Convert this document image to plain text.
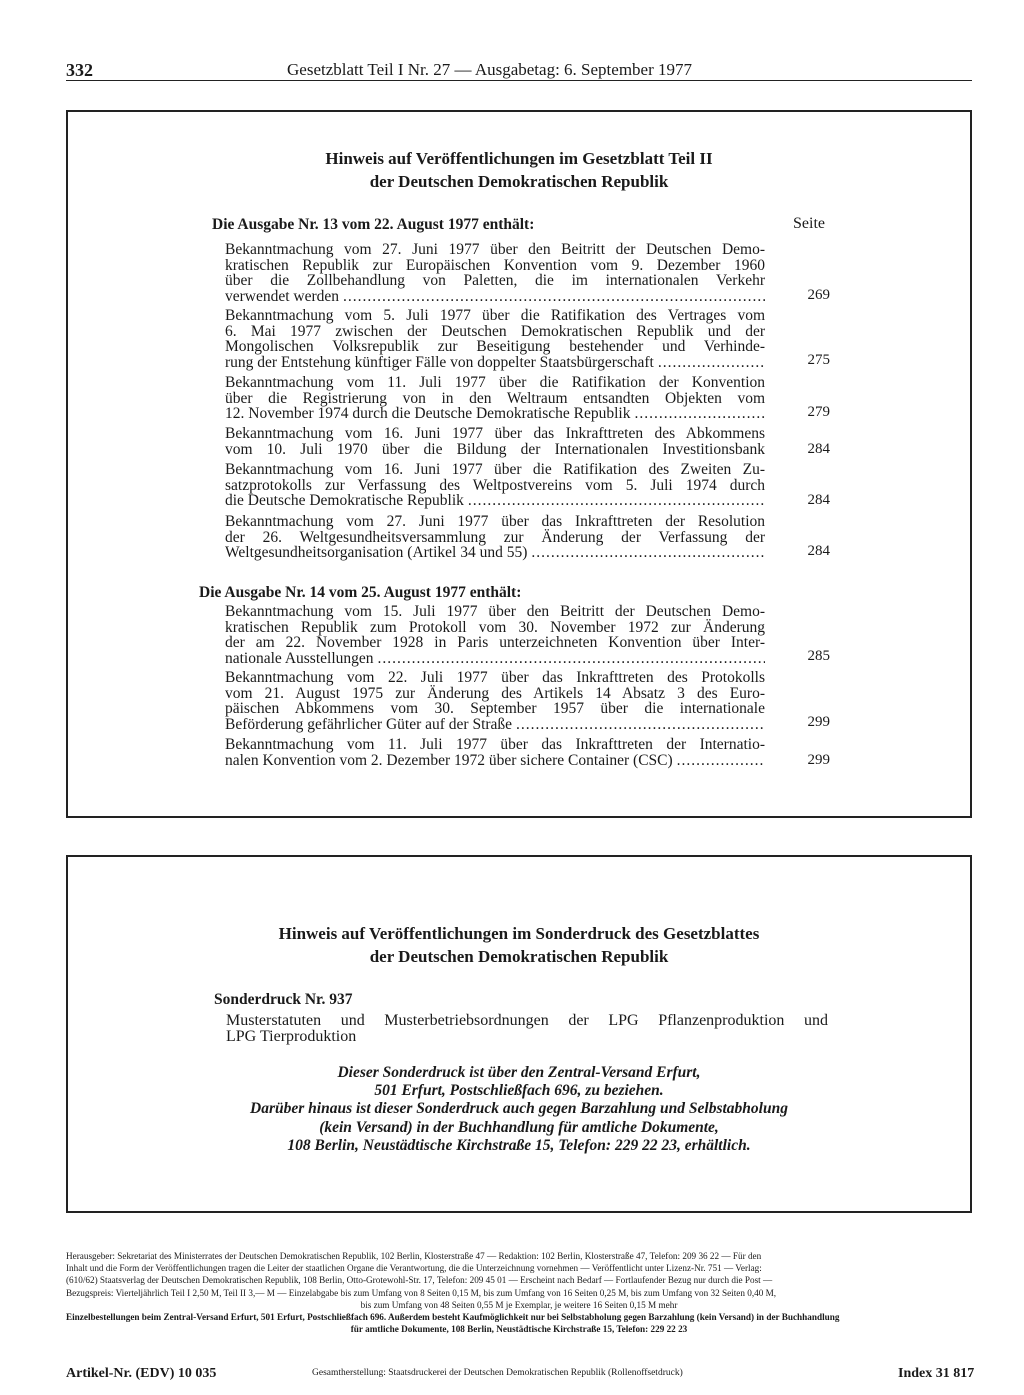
332	Gesetzblatt Teil I Nr. 27 — Ausgabetag: 6. September 1977
Hinweis auf Veröffentlichungen im Gesetzblatt Teil II
der Deutschen Demokratischen Republik
Die Ausgabe Nr. 13 vom 22. August 1977 enthält:	Seite
Bekanntmachung vom 27. Juni 1977 über den Beitritt der Deutschen Demo-
kratischen Republik zur Europäischen Konvention vom 9. Dezember 1960
über die Zollbehandlung von Paletten, die im internationalen Verkehr
verwendet werden .....	269
Bekanntmachung vom 5. Juli 1977 über die Ratifikation des Vertrages vom
6. Mai 1977 zwischen der Deutschen Demokratischen Republik und der
Mongolischen Volksrepublik zur Beseitigung bestehender und Verhinde-
rung der Entstehung künftiger Fälle von doppelter Staatsbürgerschaft .....	275
Bekanntmachung vom 11. Juli 1977 über die Ratifikation der Konvention
über die Registrierung von in den Weltraum entsandten Objekten vom
12. November 1974 durch die Deutsche Demokratische Republik .....	279
Bekanntmachung vom 16. Juni 1977 über das Inkrafttreten des Abkommens
vom 10. Juli 1970 über die Bildung der Internationalen Investitionsbank	284
Bekanntmachung vom 16. Juni 1977 über die Ratifikation des Zweiten Zu-
satzprotokolls zur Verfassung des Weltpostvereins vom 5. Juli 1974 durch
die Deutsche Demokratische Republik .....	284
Bekanntmachung vom 27. Juni 1977 über das Inkrafttreten der Resolution
der 26. Weltgesundheitsversammlung zur Änderung der Verfassung der
Weltgesundheitsorganisation (Artikel 34 und 55) .....	284
Die Ausgabe Nr. 14 vom 25. August 1977 enthält:
Bekanntmachung vom 15. Juli 1977 über den Beitritt der Deutschen Demo-
kratischen Republik zum Protokoll vom 30. November 1972 zur Änderung
der am 22. November 1928 in Paris unterzeichneten Konvention über Inter-
nationale Ausstellungen .....	285
Bekanntmachung vom 22. Juli 1977 über das Inkrafttreten des Protokolls
vom 21. August 1975 zur Änderung des Artikels 14 Absatz 3 des Euro-
päischen Abkommens vom 30. September 1957 über die internationale
Beförderung gefährlicher Güter auf der Straße .....	299
Bekanntmachung vom 11. Juli 1977 über das Inkrafttreten der Internatio-
nalen Konvention vom 2. Dezember 1972 über sichere Container (CSC) .....	299
Hinweis auf Veröffentlichungen im Sonderdruck des Gesetzblattes
der Deutschen Demokratischen Republik
Sonderdruck Nr. 937
Musterstatuten und Musterbetriebsordnungen der LPG Pflanzenproduktion und
LPG Tierproduktion
Dieser Sonderdruck ist über den Zentral-Versand Erfurt,
501 Erfurt, Postschließfach 696, zu beziehen.
Darüber hinaus ist dieser Sonderdruck auch gegen Barzahlung und Selbstabholung
(kein Versand) in der Buchhandlung für amtliche Dokumente,
108 Berlin, Neustädtische Kirchstraße 15, Telefon: 229 22 23, erhältlich.
Herausgeber: Sekretariat des Ministerrates der Deutschen Demokratischen Republik, 102 Berlin, Klosterstraße 47 — Redaktion: 102 Berlin, Klosterstraße 47, Telefon: 209 36 22 — Für den
Inhalt und die Form der Veröffentlichungen tragen die Leiter der staatlichen Organe die Verantwortung, die die Unterzeichnung vornehmen — Veröffentlicht unter Lizenz-Nr. 751 — Verlag:
(610/62) Staatsverlag der Deutschen Demokratischen Republik, 108 Berlin, Otto-Grotewohl-Str. 17, Telefon: 209 45 01 — Erscheint nach Bedarf — Fortlaufender Bezug nur durch die Post —
Bezugspreis: Vierteljährlich Teil I 2,50 M, Teil II 3,— M — Einzelabgabe bis zum Umfang von 8 Seiten 0,15 M, bis zum Umfang von 16 Seiten 0,25 M, bis zum Umfang von 32 Seiten 0,40 M,
bis zum Umfang von 48 Seiten 0,55 M je Exemplar, je weitere 16 Seiten 0,15 M mehr
Einzelbestellungen beim Zentral-Versand Erfurt, 501 Erfurt, Postschließfach 696. Außerdem besteht Kaufmöglichkeit nur bei Selbstabholung gegen Barzahlung (kein Versand) in der Buchhandlung
für amtliche Dokumente, 108 Berlin, Neustädtische Kirchstraße 15, Telefon: 229 22 23
Artikel-Nr. (EDV) 10 035	Gesamtherstellung: Staatsdruckerei der Deutschen Demokratischen Republik (Rollenoffsetdruck)	Index 31 817
